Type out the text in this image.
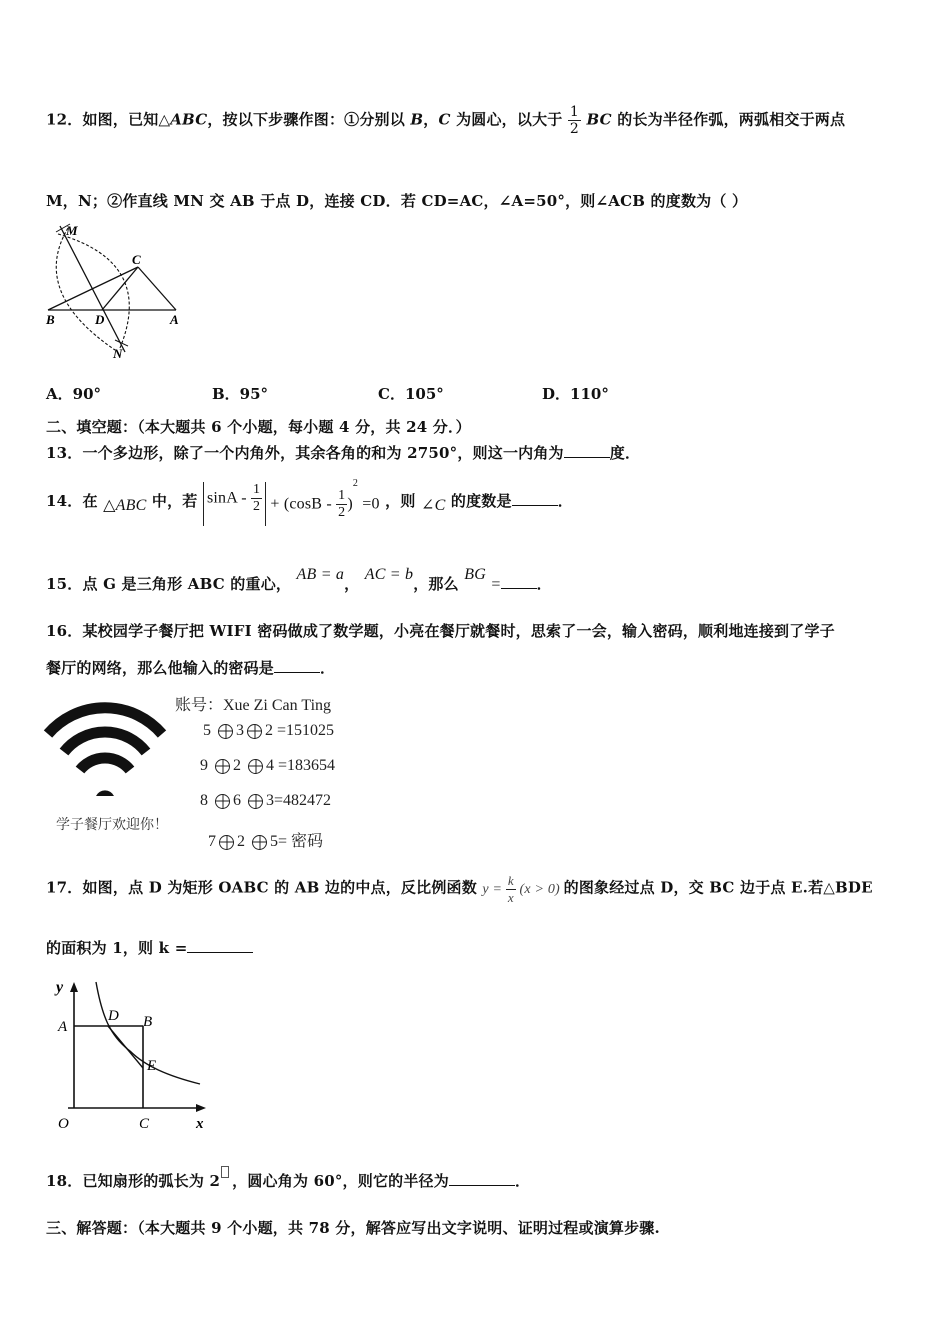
12．如图，已知△ABC，按以下步骤作图：①分别以 B，C 为圆心，以大于 $\frac{1}{2}$ BC 的长为半径作弧，两弧相交于两点
M，N；②作直线 MN 交 AB 于点 D，连接 CD．若 CD=AC，∠A=50°，则∠ACB 的度数为（ ）
M
C
B	D	A
N
A．90°	B．95°	C．105°	D．110°
二、填空题：（本大题共 6 个小题，每小题 4 分，共 24 分．）
13．一个多边形，除了一个内角外，其余各角的和为 2750°，则这一内角为	度．
14．在 △ABC 中，若 $\sin A - \frac{1}{2} + (\cos B - \frac{1}{2} )^2 =0$ ，则 ∠C 的度数是	．
15．点 G 是三角形 ABC 的重心， AB = a， AC = b，那么 BG = ．
16．某校园学子餐厅把 WIFI 密码做成了数学题，小亮在餐厅就餐时，思索了一会，输入密码，顺利地连接到了学子
餐厅的网络，那么他输入的密码是	．
学子餐厅欢迎你！
账号：Xue Zi Can Ting
5 3 2 =151025
9 2 4 =183654
8 6 3=482472
7 2 5= 密码
17．如图，点 D 为矩形 OABC 的 AB 边的中点，反比例函数 $y = \frac{k}{x} (x > 0)$ 的图象经过点 D，交 BC 边于点 E.若△BDE
的面积为 1，则 k =
y
A
D B
E
O	C	x
18．已知扇形的弧长为 2 ，圆心角为 60°，则它的半径为	．
三、解答题：（本大题共 9 个小题，共 78 分，解答应写出文字说明、证明过程或演算步骤.
